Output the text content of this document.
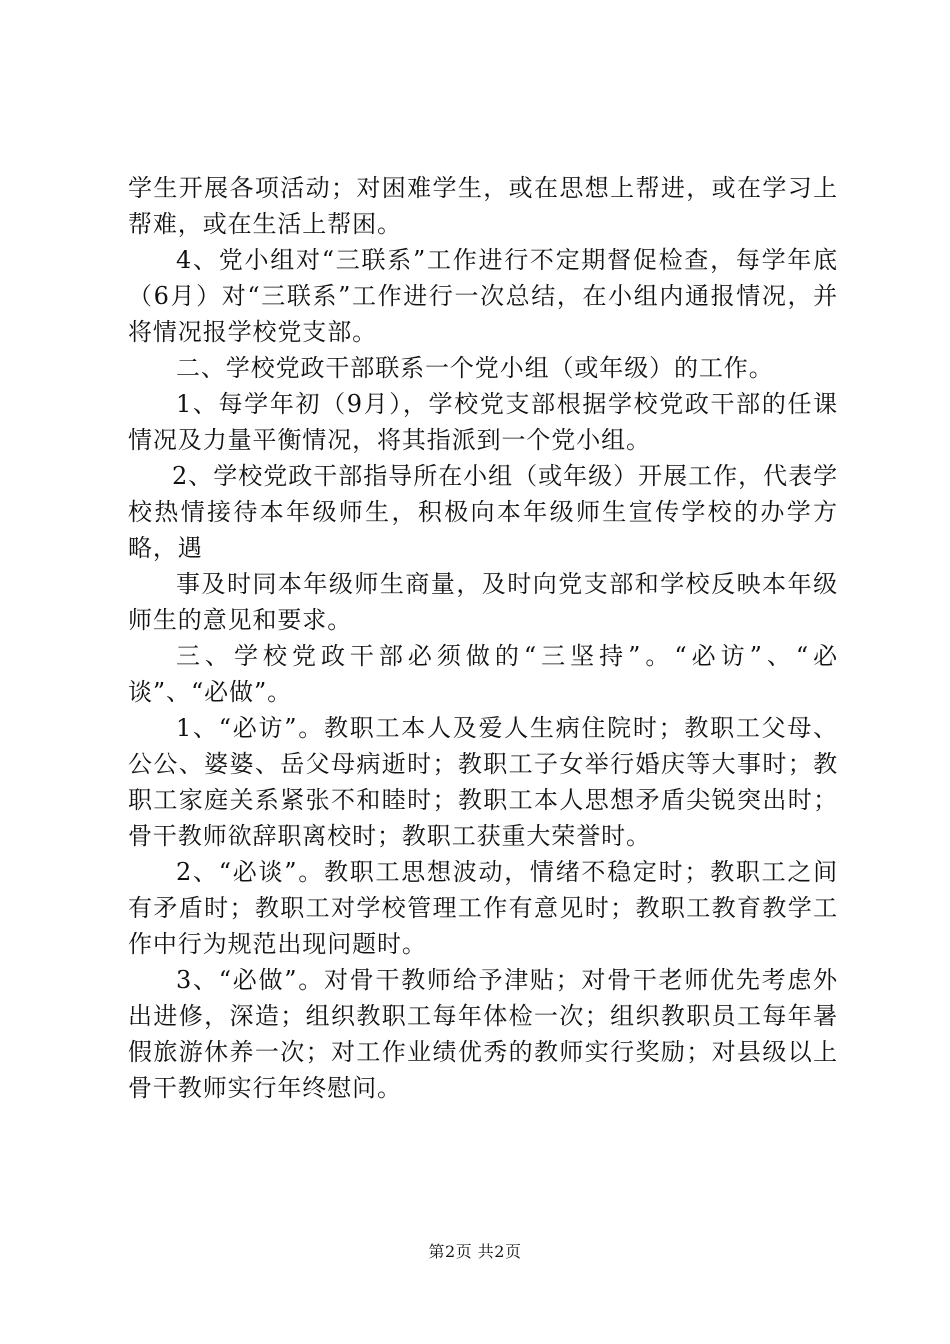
学生开展各项活动；对困难学生，或在思想上帮进，或在学习上帮难，或在生活上帮困。

4、党小组对“三联系”工作进行不定期督促检查，每学年底（6月）对“三联系”工作进行一次总结，在小组内通报情况，并将情况报学校党支部。

二、学校党政干部联系一个党小组（或年级）的工作。

1、每学年初（9月），学校党支部根据学校党政干部的任课情况及力量平衡情况，将其指派到一个党小组。

2、学校党政干部指导所在小组（或年级）开展工作，代表学校热情接待本年级师生，积极向本年级师生宣传学校的办学方略，遇

事及时同本年级师生商量，及时向党支部和学校反映本年级师生的意见和要求。

三、学校党政干部必须做的“三坚持”。“必访”、“必谈”、“必做”。

1、“必访”。教职工本人及爱人生病住院时；教职工父母、公公、婆婆、岳父母病逝时；教职工子女举行婚庆等大事时；教职工家庭关系紧张不和睦时；教职工本人思想矛盾尖锐突出时；骨干教师欲辞职离校时；教职工获重大荣誉时。

2、“必谈”。教职工思想波动，情绪不稳定时；教职工之间有矛盾时；教职工对学校管理工作有意见时；教职工教育教学工作中行为规范出现问题时。

3、“必做”。对骨干教师给予津贴；对骨干老师优先考虑外出进修，深造；组织教职工每年体检一次；组织教职员工每年暑假旅游休养一次；对工作业绩优秀的教师实行奖励；对县级以上骨干教师实行年终慰问。

第2页 共2页
